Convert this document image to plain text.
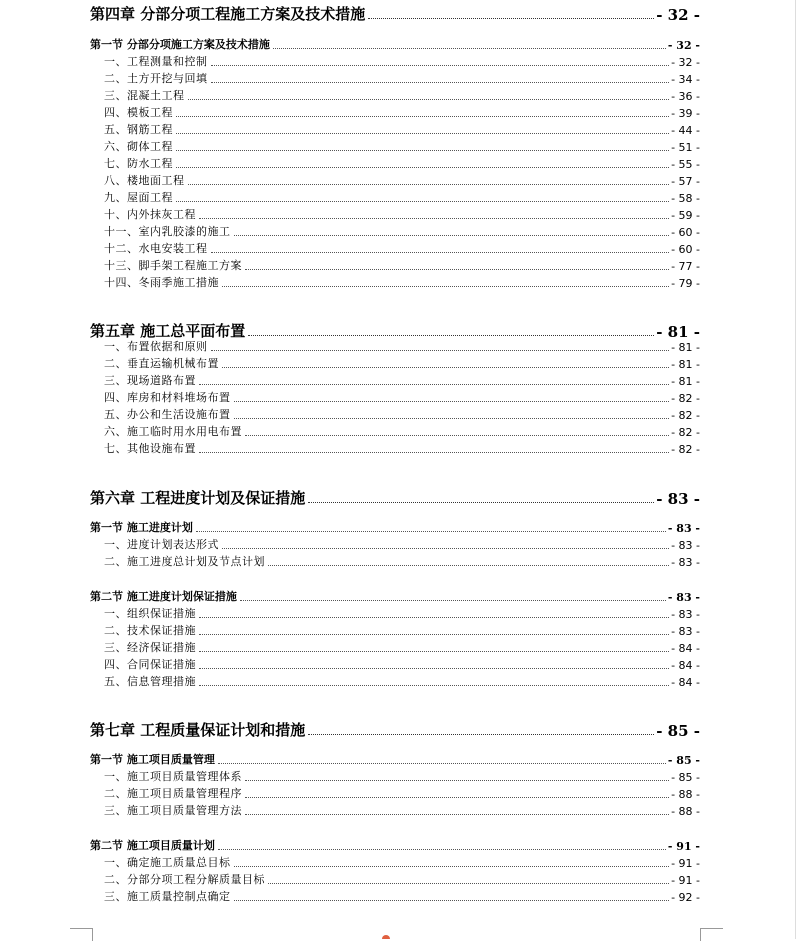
第四章 分部分项工程施工方案及技术措施	- 32 -
第一节 分部分项施工方案及技术措施	- 32 -
一、工程测量和控制	- 32 -
二、土方开挖与回填	- 34 -
三、混凝土工程	- 36 -
四、模板工程	- 39 -
五、钢筋工程	- 44 -
六、砌体工程	- 51 -
七、防水工程	- 55 -
八、楼地面工程	- 57 -
九、屋面工程	- 58 -
十、内外抹灰工程	- 59 -
十一、室内乳胶漆的施工	- 60 -
十二、水电安装工程	- 60 -
十三、脚手架工程施工方案	- 77 -
十四、冬雨季施工措施	- 79 -
第五章 施工总平面布置	- 81 -
一、布置依据和原则	- 81 -
二、垂直运输机械布置	- 81 -
三、现场道路布置	- 81 -
四、库房和材料堆场布置	- 82 -
五、办公和生活设施布置	- 82 -
六、施工临时用水用电布置	- 82 -
七、其他设施布置	- 82 -
第六章 工程进度计划及保证措施	- 83 -
第一节 施工进度计划	- 83 -
一、进度计划表达形式	- 83 -
二、施工进度总计划及节点计划	- 83 -
第二节 施工进度计划保证措施	- 83 -
一、组织保证措施	- 83 -
二、技术保证措施	- 83 -
三、经济保证措施	- 84 -
四、合同保证措施	- 84 -
五、信息管理措施	- 84 -
第七章 工程质量保证计划和措施	- 85 -
第一节 施工项目质量管理	- 85 -
一、施工项目质量管理体系	- 85 -
二、施工项目质量管理程序	- 88 -
三、施工项目质量管理方法	- 88 -
第二节 施工项目质量计划	- 91 -
一、确定施工质量总目标	- 91 -
二、分部分项工程分解质量目标	- 91 -
三、施工质量控制点确定	- 92 -
